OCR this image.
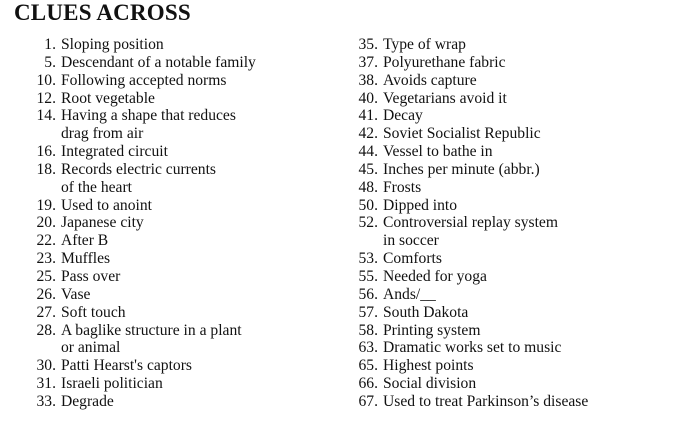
CLUES ACROSS
1. Sloping position
5. Descendant of a notable family
10. Following accepted norms
12. Root vegetable
14. Having a shape that reduces
drag from air
16. Integrated circuit
18. Records electric currents
of the heart
19. Used to anoint
20. Japanese city
22. After B
23. Muffles
25. Pass over
26. Vase
27. Soft touch
28. A baglike structure in a plant
or animal
30. Patti Hearst's captors
31. Israeli politician
33. Degrade
35. Type of wrap
37. Polyurethane fabric
38. Avoids capture
40. Vegetarians avoid it
41. Decay
42. Soviet Socialist Republic
44. Vessel to bathe in
45. Inches per minute (abbr.)
48. Frosts
50. Dipped into
52. Controversial replay system
in soccer
53. Comforts
55. Needed for yoga
56. Ands/__
57. South Dakota
58. Printing system
63. Dramatic works set to music
65. Highest points
66. Social division
67. Used to treat Parkinson’s disease
